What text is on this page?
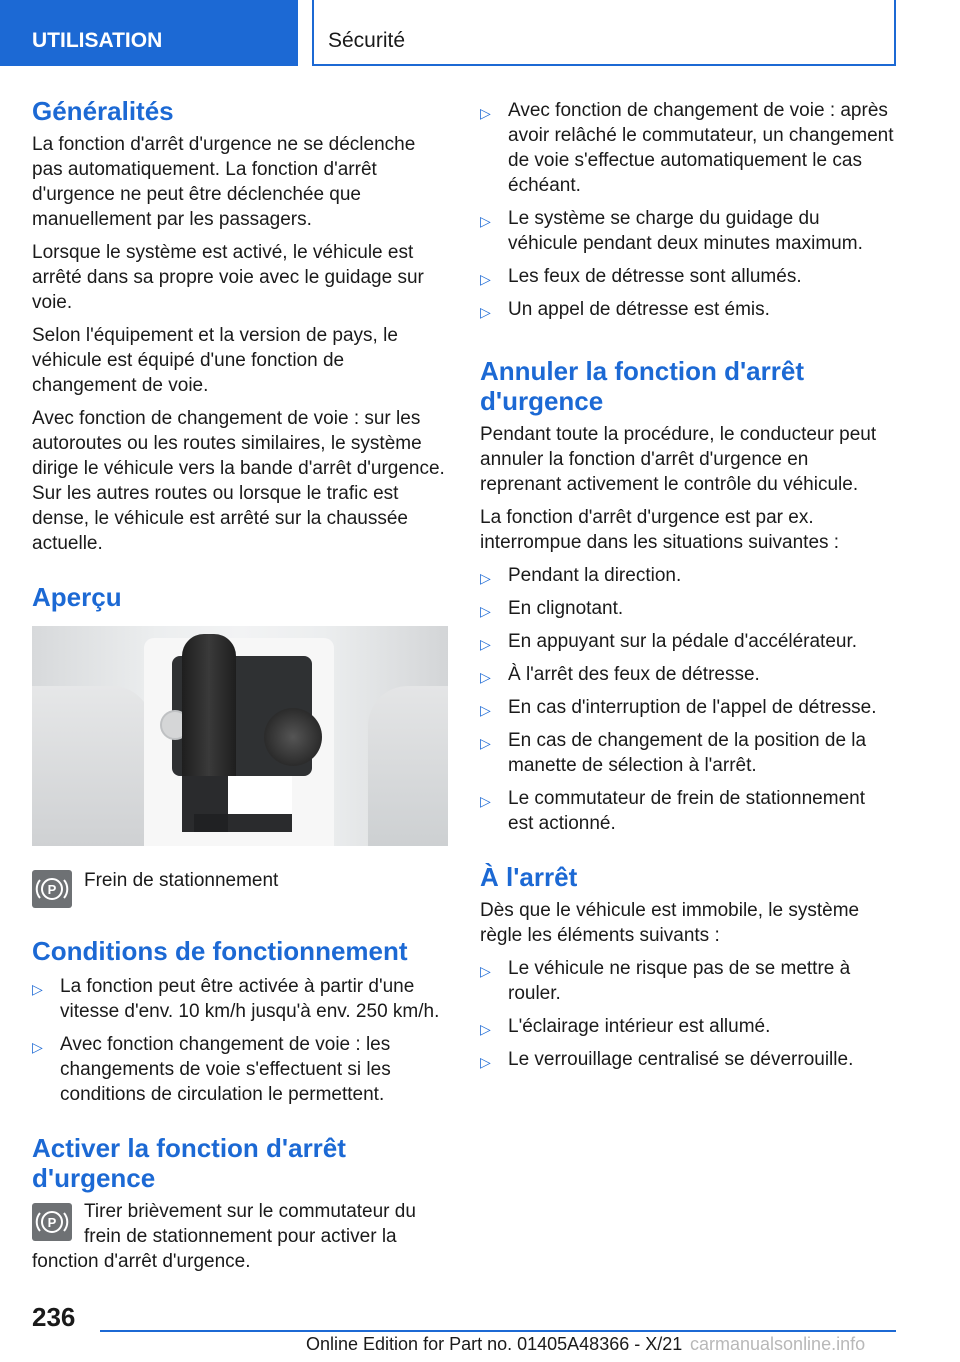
UTILISATION	Sécurité
Généralités

La fonction d'arrêt d'urgence ne se déclenche pas automatiquement. La fonction d'arrêt d'urgence ne peut être déclenchée que manuellement par les passagers.

Lorsque le système est activé, le véhicule est arrêté dans sa propre voie avec le guidage sur voie.

Selon l'équipement et la version de pays, le véhicule est équipé d'une fonction de changement de voie.

Avec fonction de changement de voie : sur les autoroutes ou les routes similaires, le système dirige le véhicule vers la bande d'arrêt d'urgence. Sur les autres routes ou lorsque le trafic est dense, le véhicule est arrêté sur la chaussée actuelle.

Aperçu
P Frein de stationnement

Conditions de fonctionnement
▷ La fonction peut être activée à partir d'une vitesse d'env. 10 km/h jusqu'à env. 250 km/h.
▷ Avec fonction changement de voie : les changements de voie s'effectuent si les conditions de circulation le permettent.
Activer la fonction d'arrêt d'urgence

P
Tirer brièvement sur le commutateur du frein de stationnement pour activer la fonction d'arrêt d'urgence.

▷ Avec fonction de changement de voie : après avoir relâché le commutateur, un changement de voie s'effectue automatiquement le cas échéant.
▷ Le système se charge du guidage du véhicule pendant deux minutes maximum.
▷ Les feux de détresse sont allumés.
▷ Un appel de détresse est émis.
Annuler la fonction d'arrêt d'urgence

Pendant toute la procédure, le conducteur peut annuler la fonction d'arrêt d'urgence en reprenant activement le contrôle du véhicule.

La fonction d'arrêt d'urgence est par ex. interrompue dans les situations suivantes :

▷ Pendant la direction.
▷ En clignotant.
▷ En appuyant sur la pédale d'accélérateur.
▷ À l'arrêt des feux de détresse.
▷ En cas d'interruption de l'appel de détresse.
▷ En cas de changement de la position de la manette de sélection à l'arrêt.
▷ Le commutateur de frein de stationnement est actionné.
À l'arrêt

Dès que le véhicule est immobile, le système règle les éléments suivants :

▷ Le véhicule ne risque pas de se mettre à rouler.
▷ L'éclairage intérieur est allumé.
▷ Le verrouillage centralisé se déverrouille.
236
Online Edition for Part no. 01405A48366 - X/21 carmanualsonline.info
